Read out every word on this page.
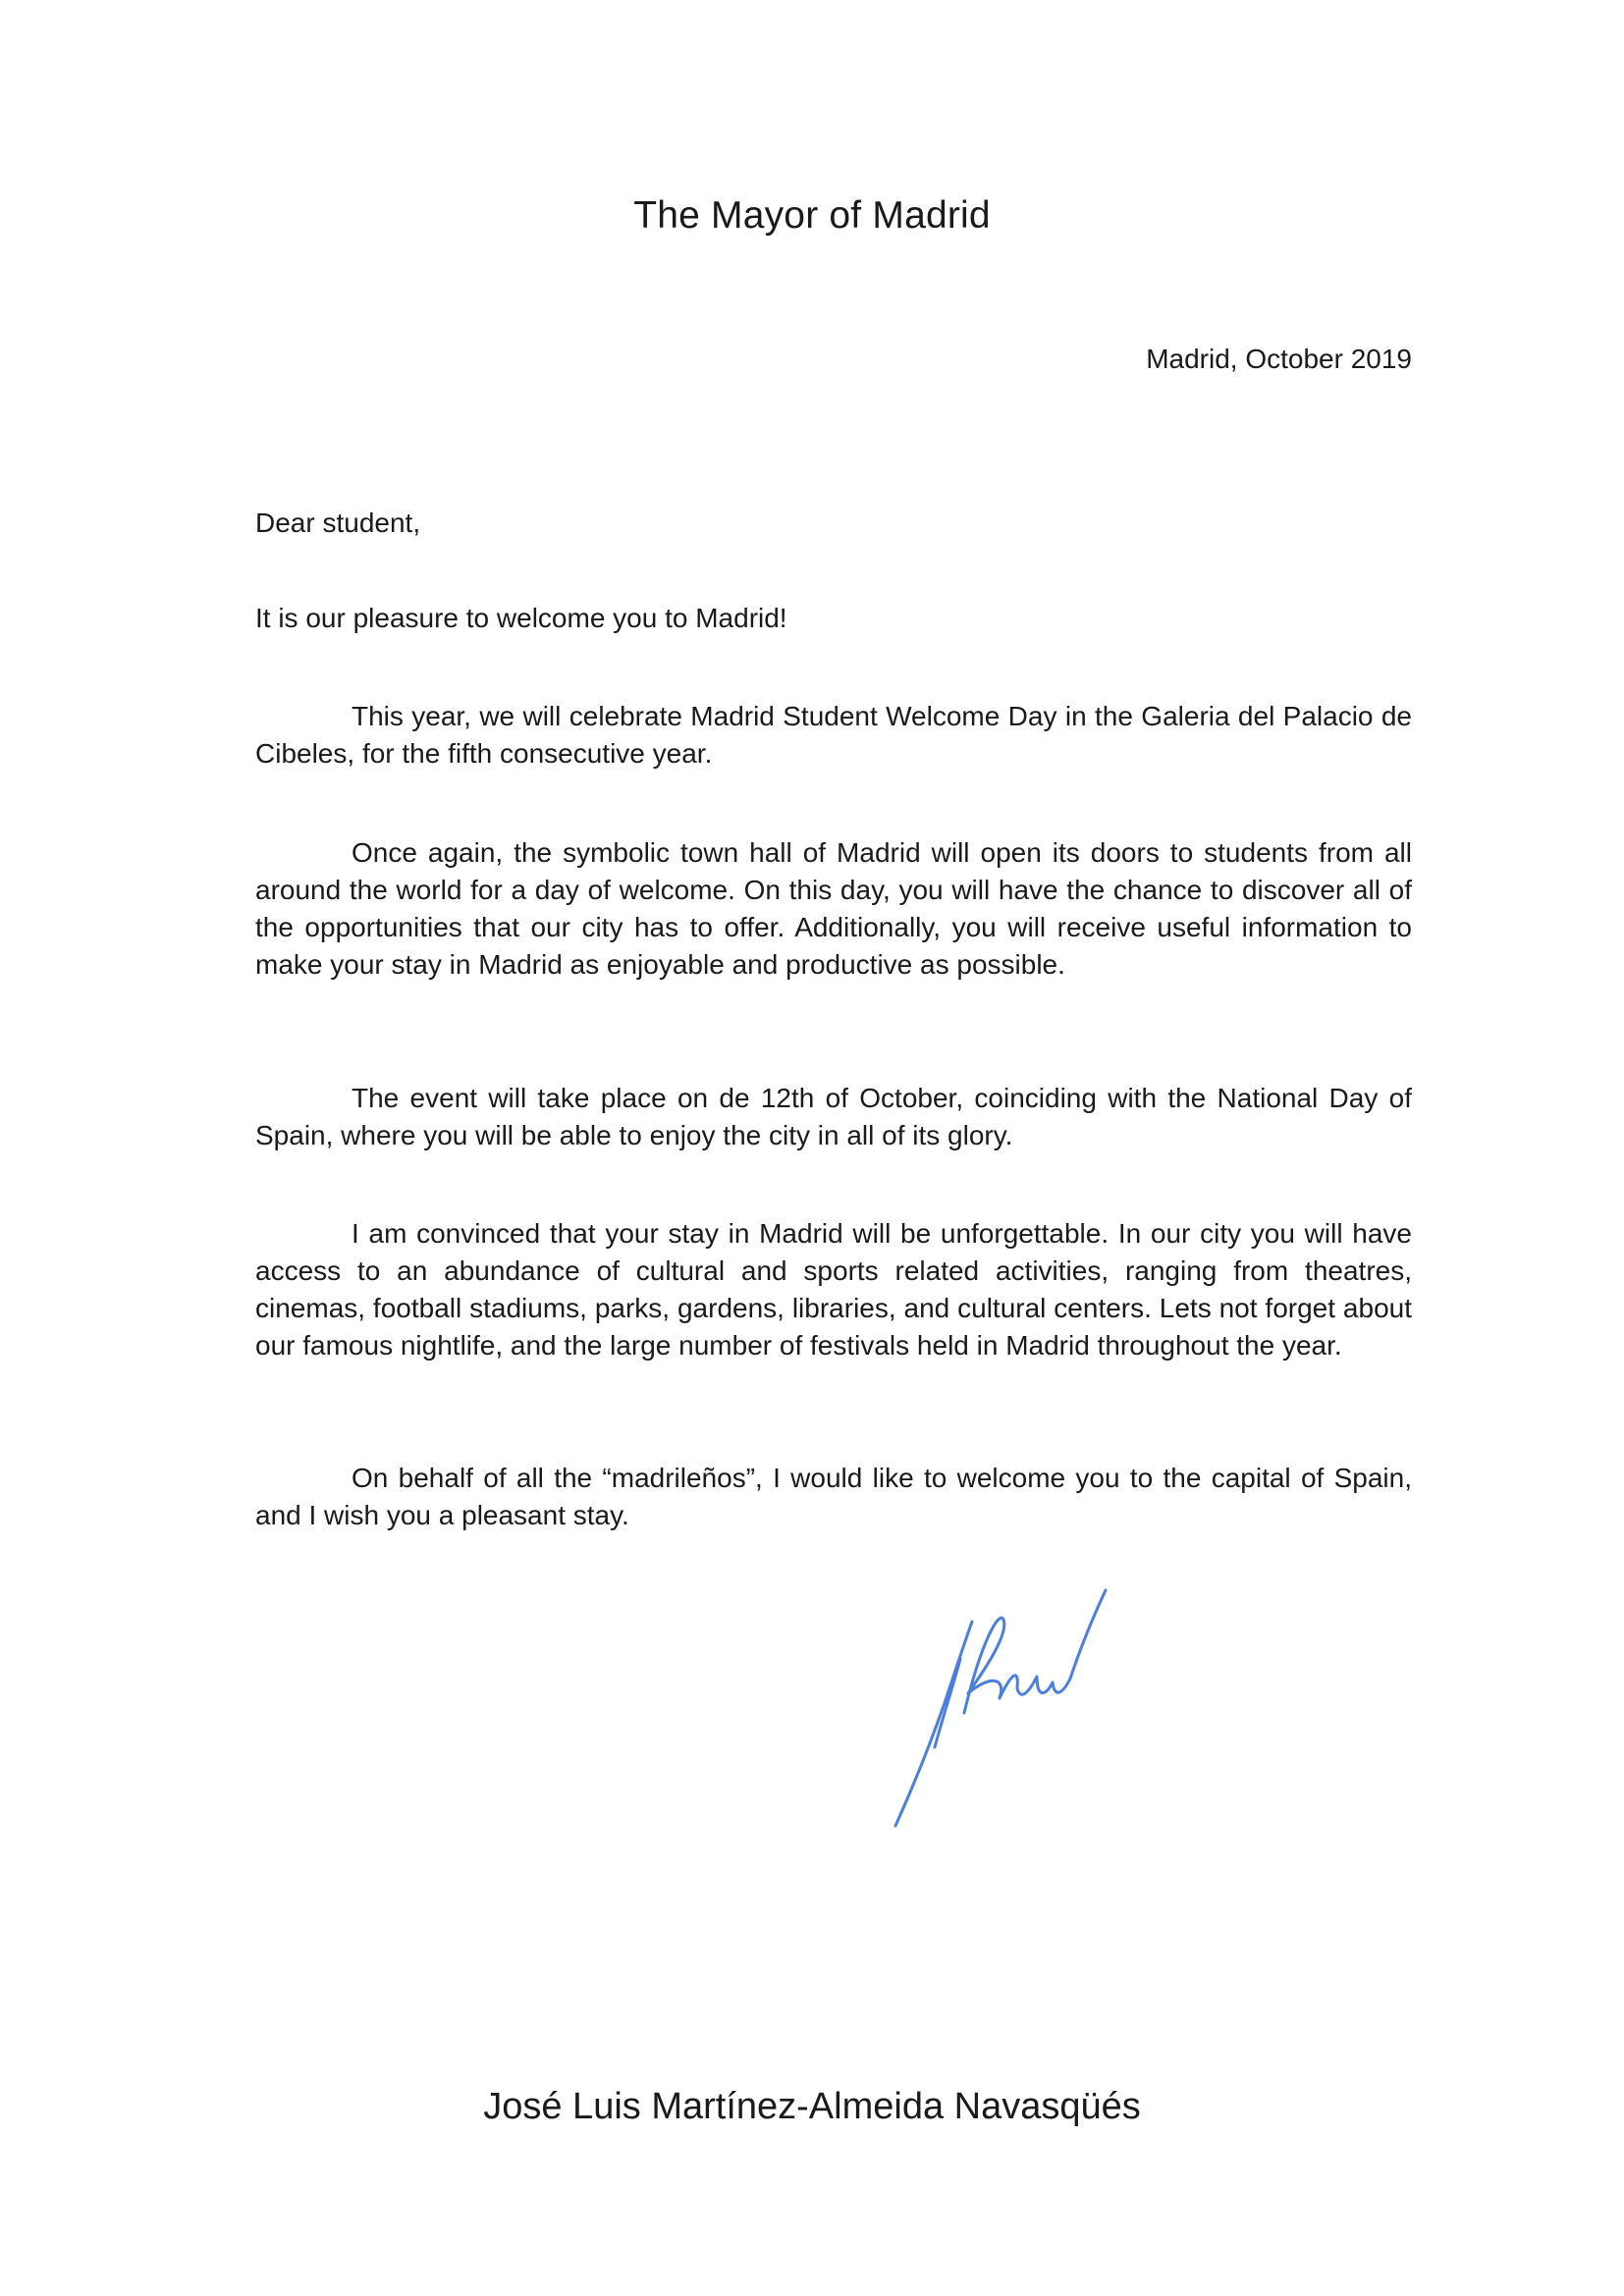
The Mayor of Madrid

Madrid, October 2019

Dear student,

It is our pleasure to welcome you to Madrid!

This year, we will celebrate Madrid Student Welcome Day in the Galeria del Palacio de Cibeles, for the fifth consecutive year.

Once again, the symbolic town hall of Madrid will open its doors to students from all around the world for a day of welcome. On this day, you will have the chance to discover all of the opportunities that our city has to offer. Additionally, you will receive useful information to make your stay in Madrid as enjoyable and productive as possible.

The event will take place on de 12th of October, coinciding with the National Day of Spain, where you will be able to enjoy the city in all of its glory.

I am convinced that your stay in Madrid will be unforgettable. In our city you will have access to an abundance of cultural and sports related activities, ranging from theatres, cinemas, football stadiums, parks, gardens, libraries, and cultural centers. Lets not forget about our famous nightlife, and the large number of festivals held in Madrid throughout the year.

On behalf of all the “madrileños”, I would like to welcome you to the capital of Spain, and I wish you a pleasant stay.

José Luis Martínez-Almeida Navasqüés
